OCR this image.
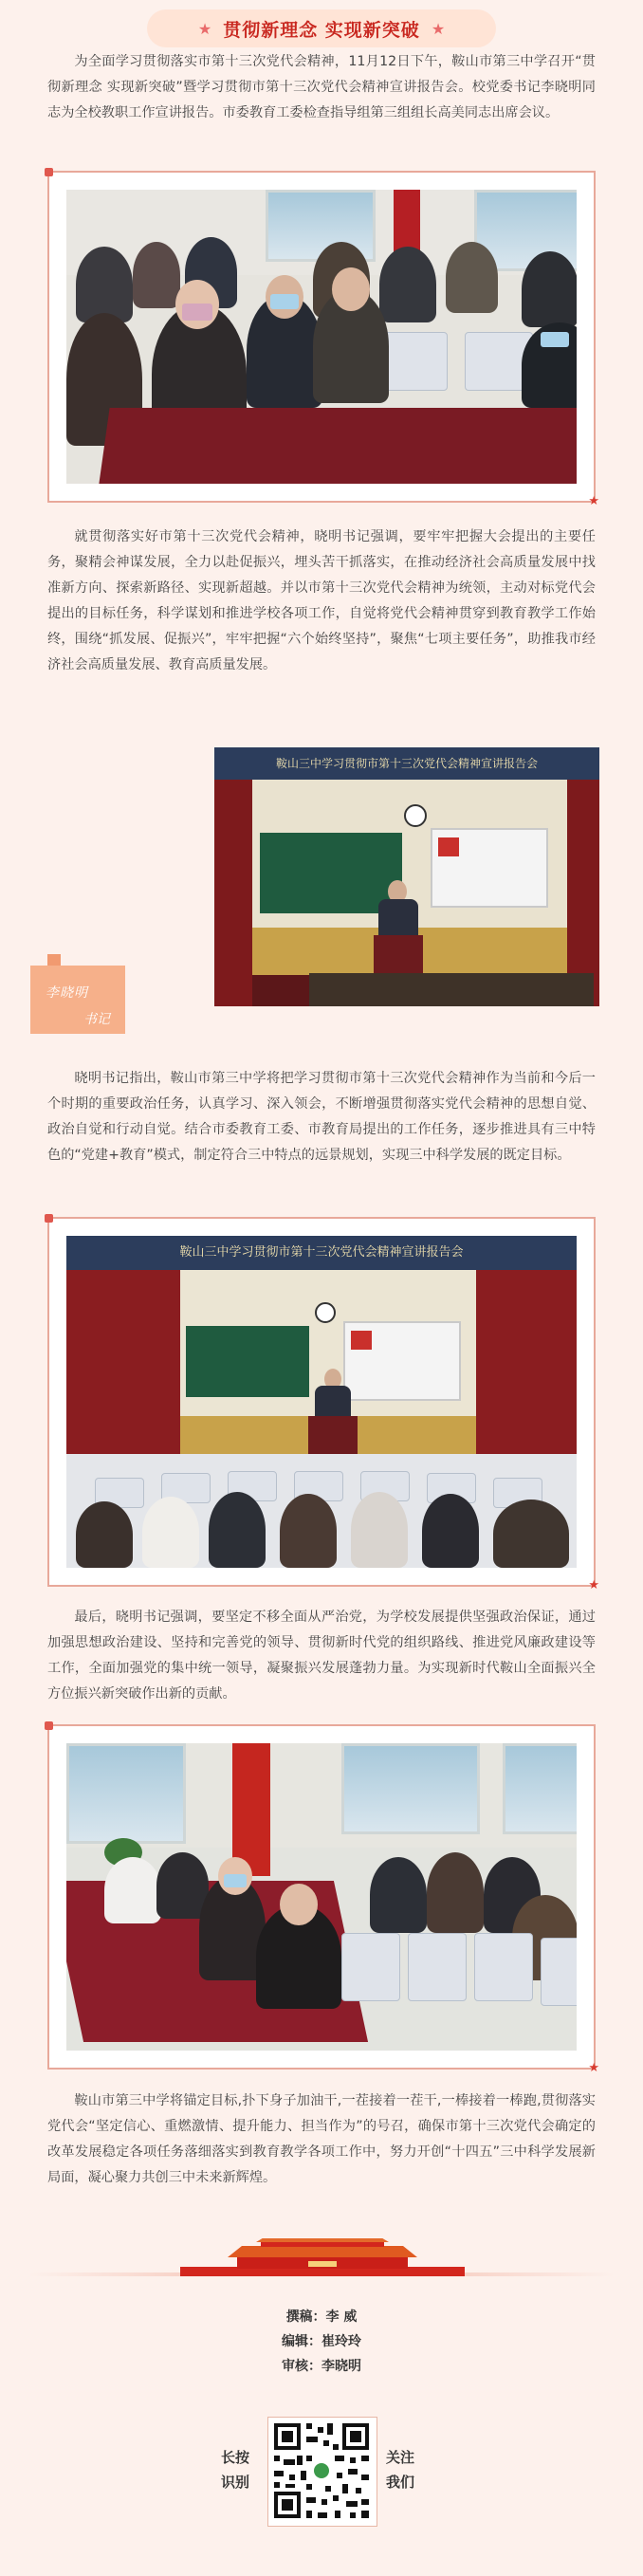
★ 贯彻新理念 实现新突破 ★

为全面学习贯彻落实市第十三次党代会精神，11月12日下午，鞍山市第三中学召开“贯彻新理念 实现新突破”暨学习贯彻市第十三次党代会精神宣讲报告会。校党委书记李晓明同志为全校教职工作宣讲报告。市委教育工委检查指导组第三组组长高美同志出席会议。

★

就贯彻落实好市第十三次党代会精神，晓明书记强调，要牢牢把握大会提出的主要任务，聚精会神谋发展，全力以赴促振兴，埋头苦干抓落实，在推动经济社会高质量发展中找准新方向、探索新路径、实现新超越。并以市第十三次党代会精神为统领，主动对标党代会提出的目标任务，科学谋划和推进学校各项工作，自觉将党代会精神贯穿到教育教学工作始终，围绕“抓发展、促振兴”，牢牢把握“六个始终坚持”，聚焦“七项主要任务”，助推我市经济社会高质量发展、教育高质量发展。

鞍山三中学习贯彻市第十三次党代会精神宣讲报告会
李晓明
书记

晓明书记指出，鞍山市第三中学将把学习贯彻市第十三次党代会精神作为当前和今后一个时期的重要政治任务，认真学习、深入领会，不断增强贯彻落实党代会精神的思想自觉、政治自觉和行动自觉。结合市委教育工委、市教育局提出的工作任务，逐步推进具有三中特色的“党建+教育”模式，制定符合三中特点的远景规划，实现三中科学发展的既定目标。

鞍山三中学习贯彻市第十三次党代会精神宣讲报告会
★

最后，晓明书记强调，要坚定不移全面从严治党，为学校发展提供坚强政治保证，通过加强思想政治建设、坚持和完善党的领导、贯彻新时代党的组织路线、推进党风廉政建设等工作，全面加强党的集中统一领导，凝聚振兴发展蓬勃力量。为实现新时代鞍山全面振兴全方位振兴新突破作出新的贡献。

★

鞍山市第三中学将锚定目标,扑下身子加油干,一茬接着一茬干,一棒接着一棒跑,贯彻落实党代会“坚定信心、重燃激情、提升能力、担当作为”的号召，确保市第十三次党代会确定的改革发展稳定各项任务落细落实到教育教学各项工作中，努力开创“十四五”三中科学发展新局面，凝心聚力共创三中未来新辉煌。

撰稿：李 威
编辑：崔玲玲
审核：李晓明
长按
识别
关注
我们
